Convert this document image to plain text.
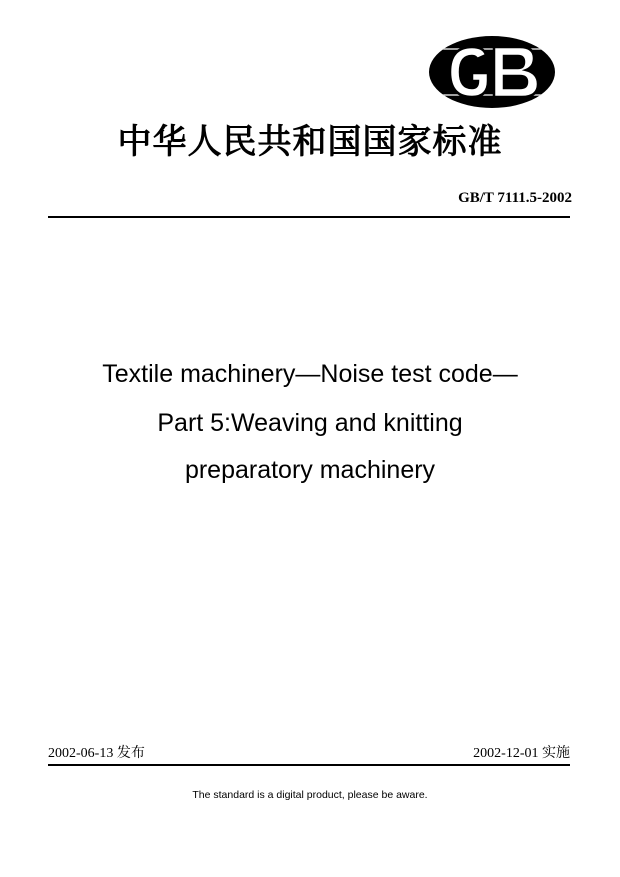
中华人民共和国国家标准
GB/T 7111.5-2002
Textile machinery—Noise test code—
Part 5:Weaving and knitting
preparatory machinery
2002-06-13 发布	2002-12-01 实施
The standard is a digital product, please be aware.
